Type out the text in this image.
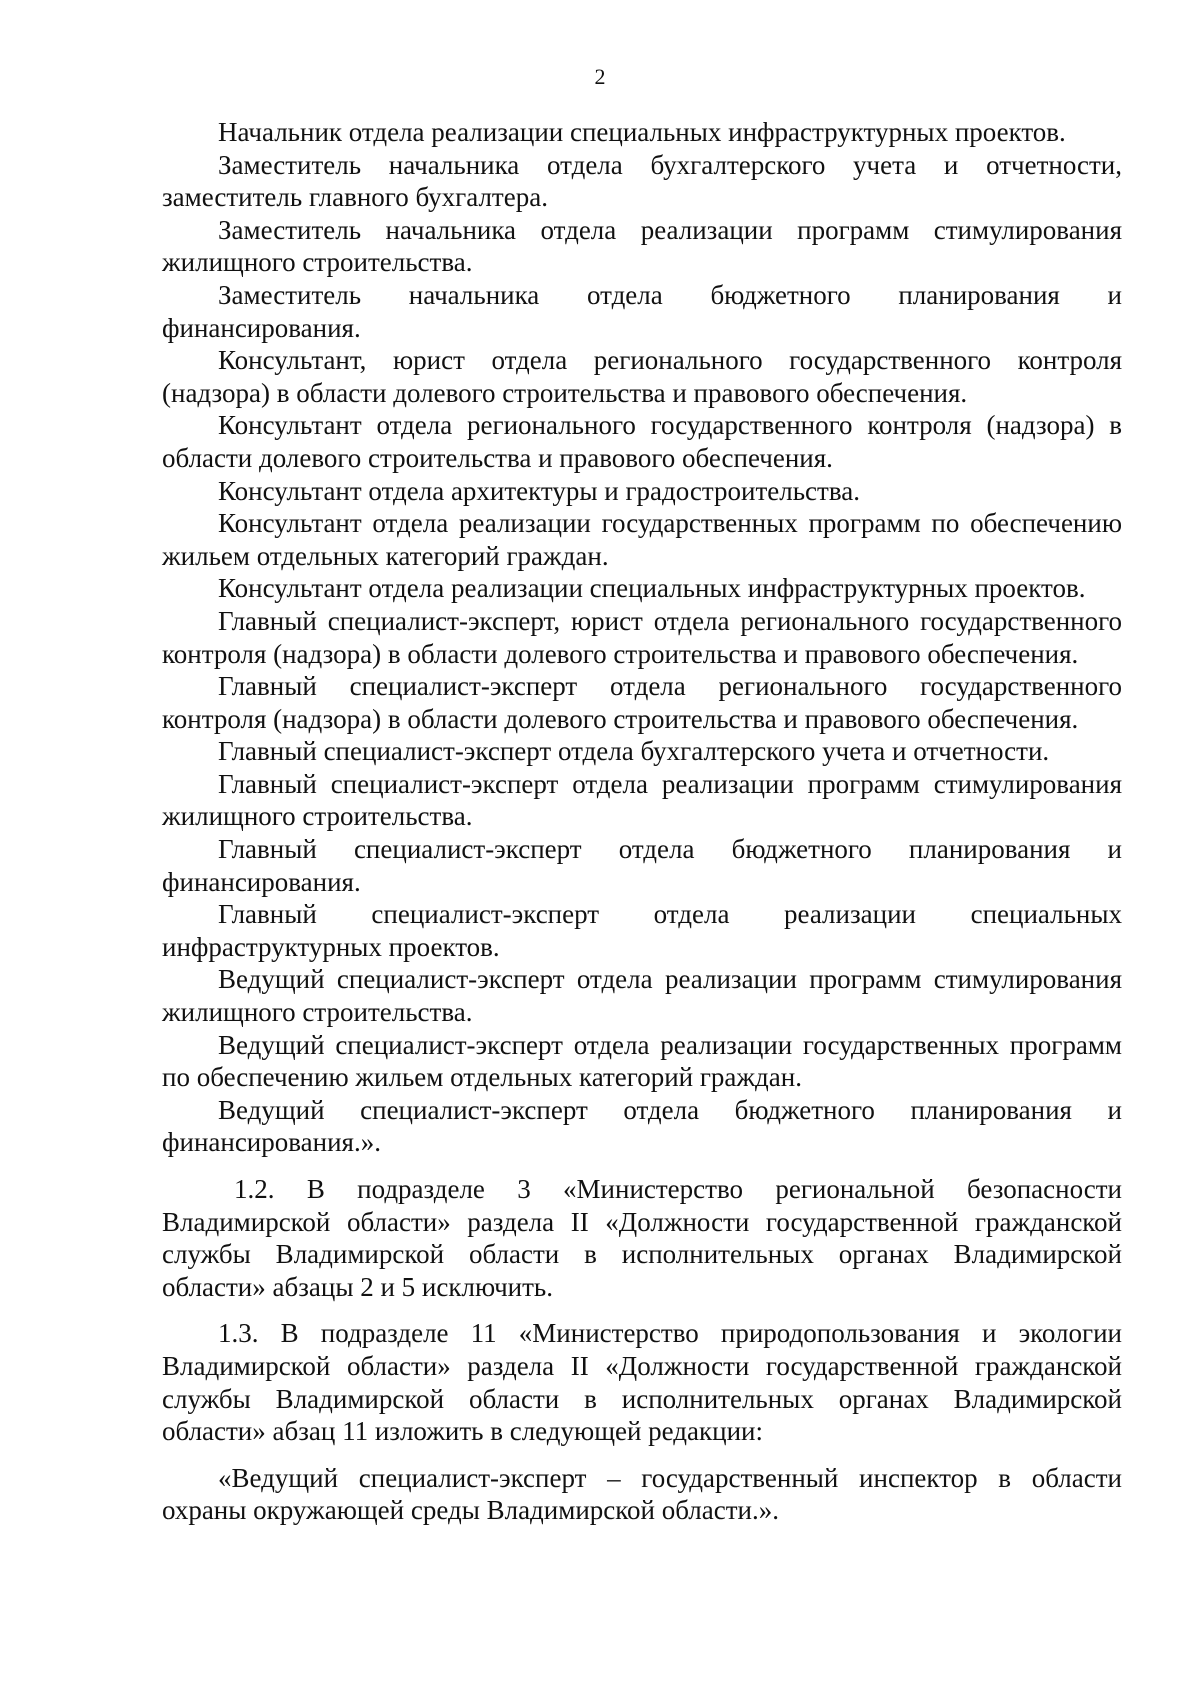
2

Начальник отдела реализации специальных инфраструктурных проектов.

Заместитель начальника отдела бухгалтерского учета и отчетности, заместитель главного бухгалтера.

Заместитель начальника отдела реализации программ стимулирования жилищного строительства.

Заместитель начальника отдела бюджетного планирования и финансирования.

Консультант, юрист отдела регионального государственного контроля (надзора) в области долевого строительства и правового обеспечения.

Консультант отдела регионального государственного контроля (надзора) в области долевого строительства и правового обеспечения.

Консультант отдела архитектуры и градостроительства.

Консультант отдела реализации государственных программ по обеспечению жильем отдельных категорий граждан.

Консультант отдела реализации специальных инфраструктурных проектов.

Главный специалист-эксперт, юрист отдела регионального государственного контроля (надзора) в области долевого строительства и правового обеспечения.

Главный специалист-эксперт отдела регионального государственного контроля (надзора) в области долевого строительства и правового обеспечения.

Главный специалист-эксперт отдела бухгалтерского учета и отчетности.

Главный специалист-эксперт отдела реализации программ стимулирования жилищного строительства.

Главный специалист-эксперт отдела бюджетного планирования и финансирования.

Главный специалист-эксперт отдела реализации специальных инфраструктурных проектов.

Ведущий специалист-эксперт отдела реализации программ стимулирования жилищного строительства.

Ведущий специалист-эксперт отдела реализации государственных программ по обеспечению жильем отдельных категорий граждан.

Ведущий специалист-эксперт отдела бюджетного планирования и финансирования.».

1.2. В подразделе 3 «Министерство региональной безопасности Владимирской области» раздела II «Должности государственной гражданской службы Владимирской области в исполнительных органах Владимирской области» абзацы 2 и 5 исключить.

1.3. В подразделе 11 «Министерство природопользования и экологии Владимирской области» раздела II «Должности государственной гражданской службы Владимирской области в исполнительных органах Владимирской области» абзац 11 изложить в следующей редакции:

«Ведущий специалист-эксперт – государственный инспектор в области охраны окружающей среды Владимирской области.».
